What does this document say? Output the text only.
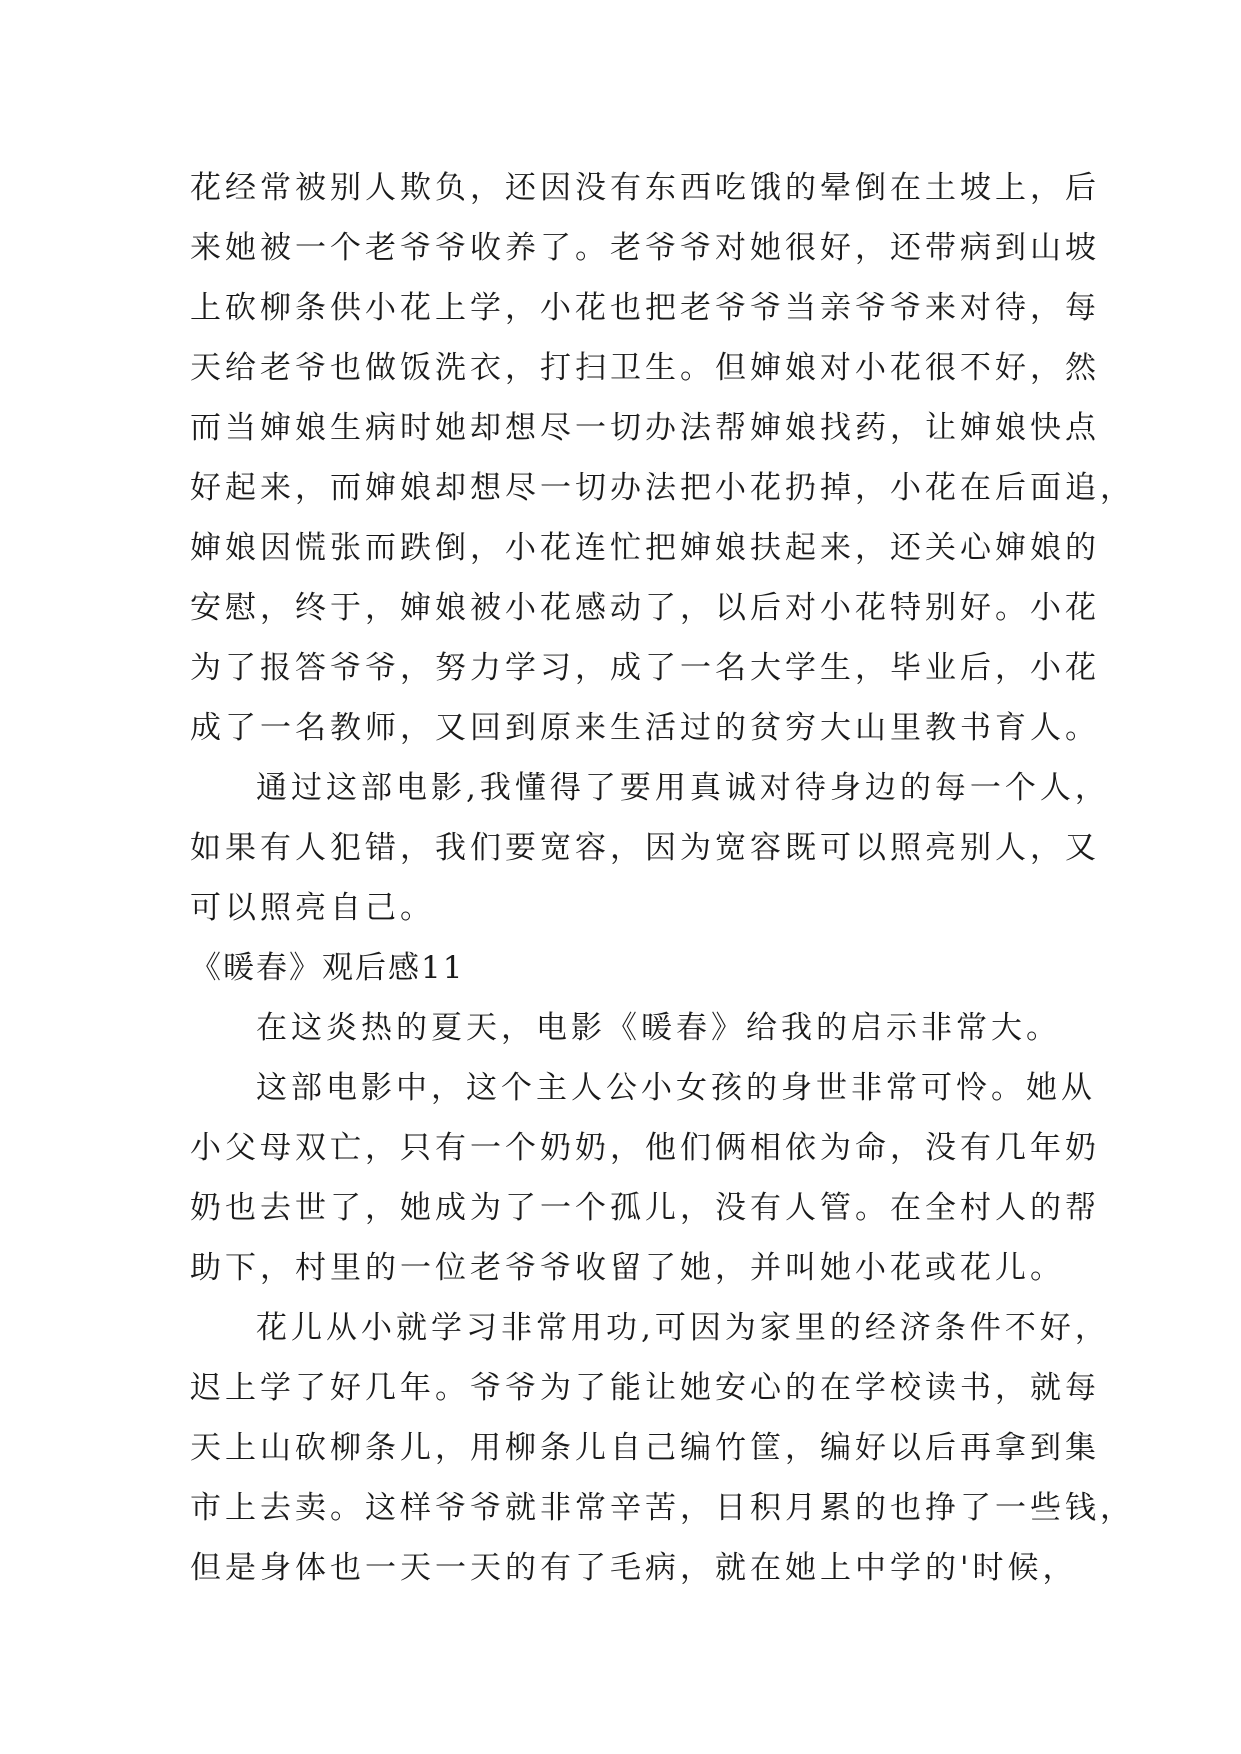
花经常被别人欺负，还因没有东西吃饿的晕倒在土坡上，后
来她被一个老爷爷收养了。老爷爷对她很好，还带病到山坡
上砍柳条供小花上学，小花也把老爷爷当亲爷爷来对待，每
天给老爷也做饭洗衣，打扫卫生。但婶娘对小花很不好，然
而当婶娘生病时她却想尽一切办法帮婶娘找药，让婶娘快点
好起来，而婶娘却想尽一切办法把小花扔掉，小花在后面追，
婶娘因慌张而跌倒，小花连忙把婶娘扶起来，还关心婶娘的
安慰，终于，婶娘被小花感动了，以后对小花特别好。小花
为了报答爷爷，努力学习，成了一名大学生，毕业后，小花
成了一名教师，又回到原来生活过的贫穷大山里教书育人。
通过这部电影,我懂得了要用真诚对待身边的每一个人，
如果有人犯错，我们要宽容，因为宽容既可以照亮别人，又
可以照亮自己。
《暖春》观后感11
在这炎热的夏天，电影《暖春》给我的启示非常大。
这部电影中，这个主人公小女孩的身世非常可怜。她从
小父母双亡，只有一个奶奶，他们俩相依为命，没有几年奶
奶也去世了，她成为了一个孤儿，没有人管。在全村人的帮
助下，村里的一位老爷爷收留了她，并叫她小花或花儿。
花儿从小就学习非常用功,可因为家里的经济条件不好，
迟上学了好几年。爷爷为了能让她安心的在学校读书，就每
天上山砍柳条儿，用柳条儿自己编竹筐，编好以后再拿到集
市上去卖。这样爷爷就非常辛苦，日积月累的也挣了一些钱，
但是身体也一天一天的有了毛病，就在她上中学的'时候，
